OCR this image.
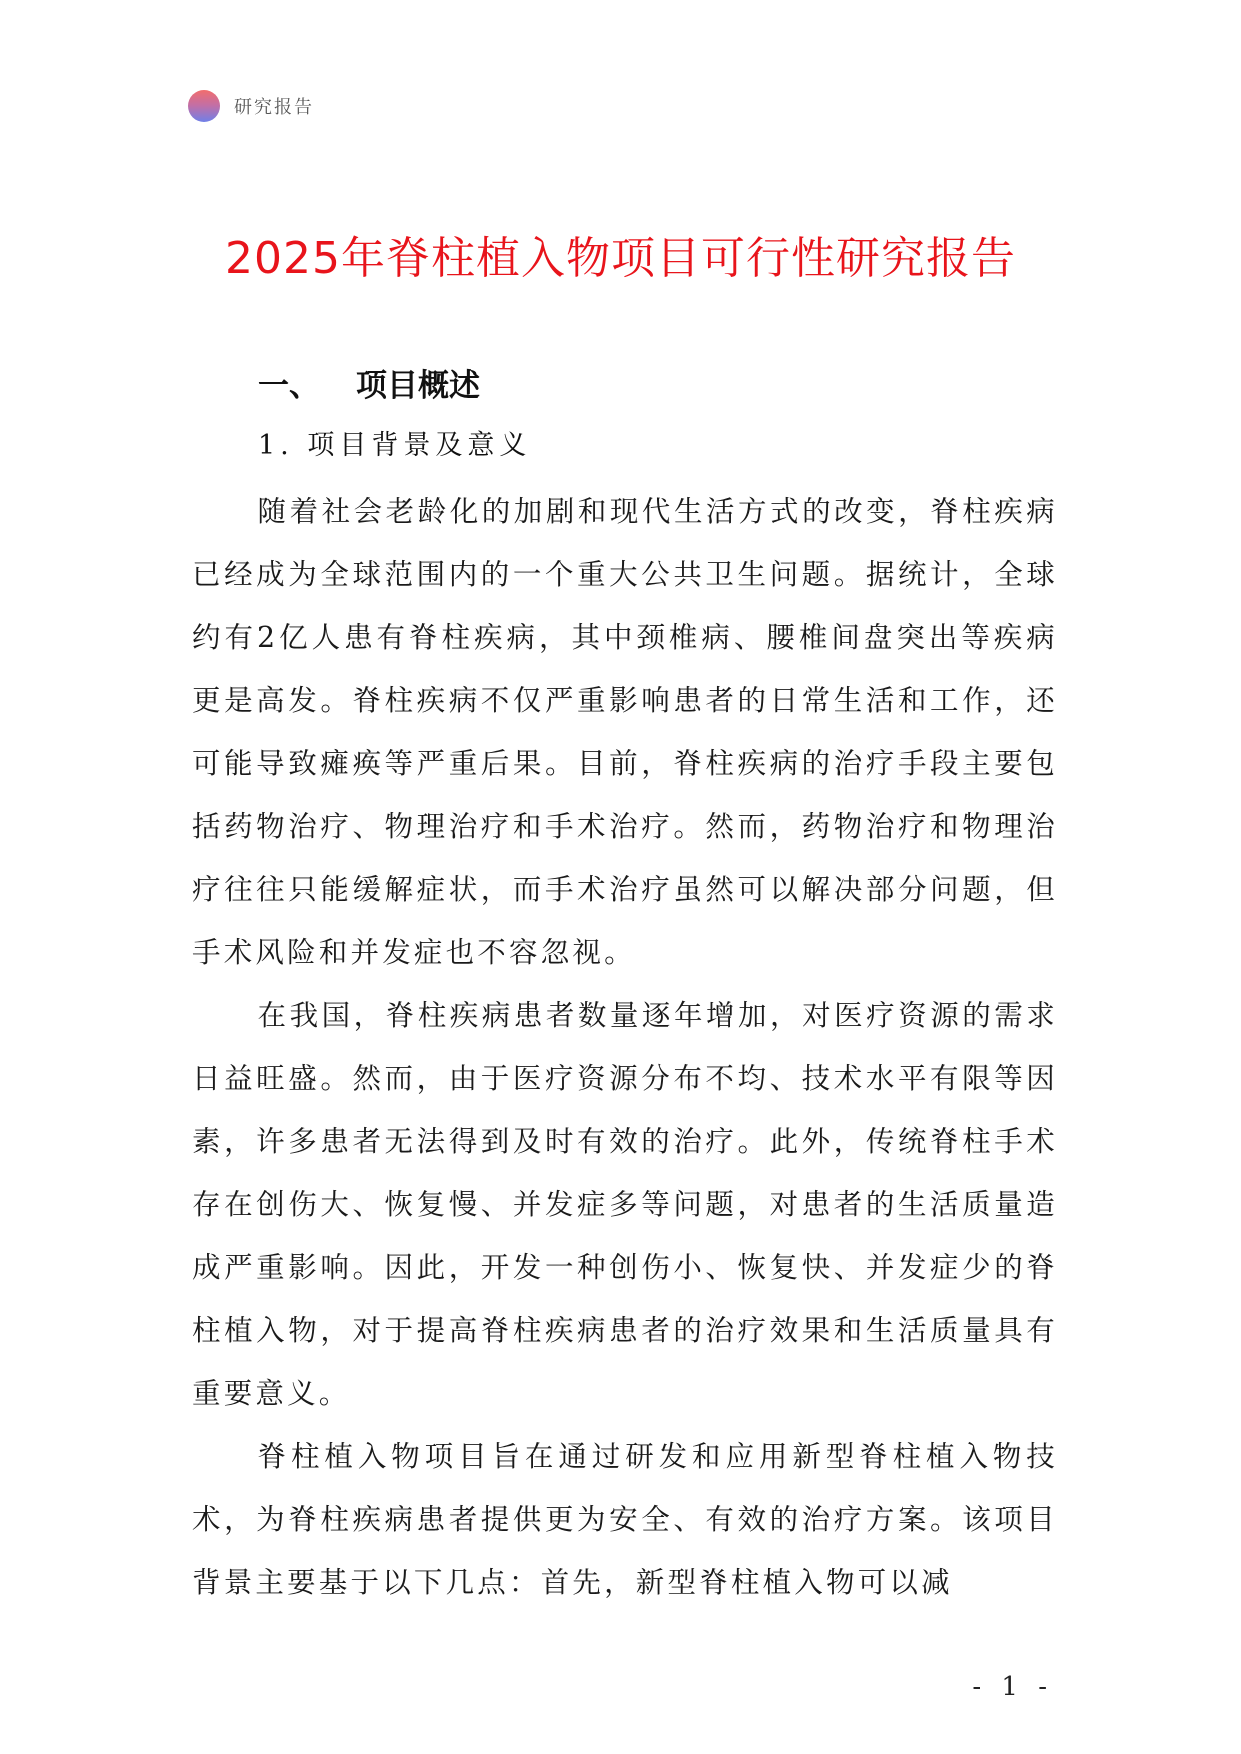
研究报告
2025年脊柱植入物项目可行性研究报告
一、 项目概述
1. 项目背景及意义

随着社会老龄化的加剧和现代生活方式的改变，脊柱疾病已经成为全球范围内的一个重大公共卫生问题。据统计，全球约有2亿人患有脊柱疾病，其中颈椎病、腰椎间盘突出等疾病更是高发。脊柱疾病不仅严重影响患者的日常生活和工作，还可能导致瘫痪等严重后果。目前，脊柱疾病的治疗手段主要包括药物治疗、物理治疗和手术治疗。然而，药物治疗和物理治疗往往只能缓解症状，而手术治疗虽然可以解决部分问题，但手术风险和并发症也不容忽视。

在我国，脊柱疾病患者数量逐年增加，对医疗资源的需求日益旺盛。然而，由于医疗资源分布不均、技术水平有限等因素，许多患者无法得到及时有效的治疗。此外，传统脊柱手术存在创伤大、恢复慢、并发症多等问题，对患者的生活质量造成严重影响。因此，开发一种创伤小、恢复快、并发症少的脊柱植入物，对于提高脊柱疾病患者的治疗效果和生活质量具有重要意义。

脊柱植入物项目旨在通过研发和应用新型脊柱植入物技术，为脊柱疾病患者提供更为安全、有效的治疗方案。该项目背景主要基于以下几点：首先，新型脊柱植入物可以减

- 1 -
